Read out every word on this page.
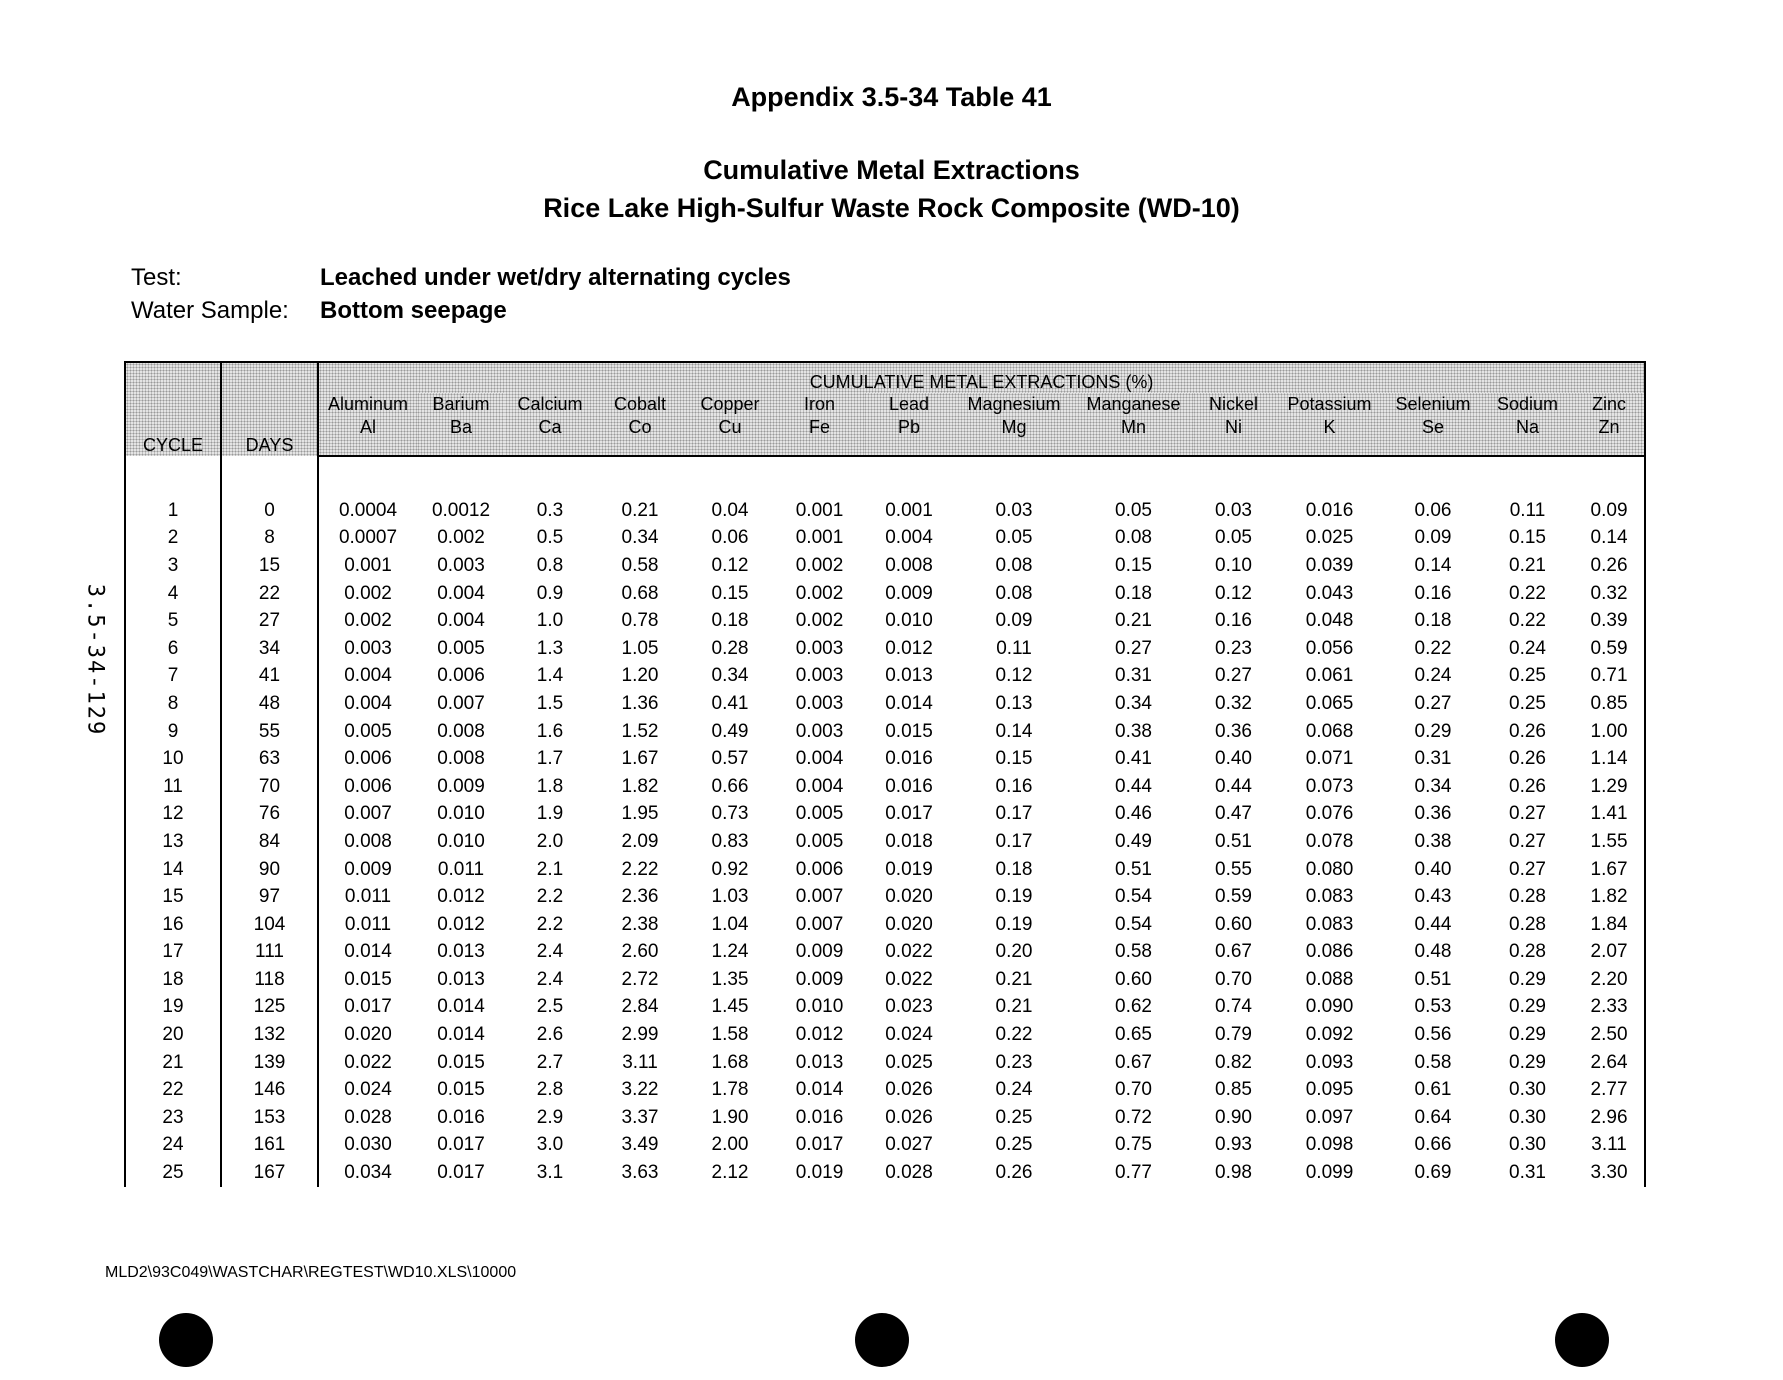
Appendix 3.5-34 Table 41
Cumulative Metal Extractions
Rice Lake High-Sulfur Waste Rock Composite (WD-10)
Test:	Leached under wet/dry alternating cycles
Water Sample: Bottom seepage
3.5-34-129
CYCLE	DAYS	CUMULATIVE METAL EXTRACTIONS (%)													
		Aluminum	Barium	Calcium	Cobalt	Copper	Iron	Lead	Magnesium	Manganese	Nickel	Potassium	Selenium	Sodium	Zinc
		Al	Ba	Ca	Co	Cu	Fe	Pb	Mg	Mn	Ni	K	Se	Na	Zn

1	0	0.0004	0.0012	0.3	0.21	0.04	0.001	0.001	0.03	0.05	0.03	0.016	0.06	0.11	0.09
2	8	0.0007	0.002	0.5	0.34	0.06	0.001	0.004	0.05	0.08	0.05	0.025	0.09	0.15	0.14
3	15	0.001	0.003	0.8	0.58	0.12	0.002	0.008	0.08	0.15	0.10	0.039	0.14	0.21	0.26
4	22	0.002	0.004	0.9	0.68	0.15	0.002	0.009	0.08	0.18	0.12	0.043	0.16	0.22	0.32
5	27	0.002	0.004	1.0	0.78	0.18	0.002	0.010	0.09	0.21	0.16	0.048	0.18	0.22	0.39
6	34	0.003	0.005	1.3	1.05	0.28	0.003	0.012	0.11	0.27	0.23	0.056	0.22	0.24	0.59
7	41	0.004	0.006	1.4	1.20	0.34	0.003	0.013	0.12	0.31	0.27	0.061	0.24	0.25	0.71
8	48	0.004	0.007	1.5	1.36	0.41	0.003	0.014	0.13	0.34	0.32	0.065	0.27	0.25	0.85
9	55	0.005	0.008	1.6	1.52	0.49	0.003	0.015	0.14	0.38	0.36	0.068	0.29	0.26	1.00
10	63	0.006	0.008	1.7	1.67	0.57	0.004	0.016	0.15	0.41	0.40	0.071	0.31	0.26	1.14
11	70	0.006	0.009	1.8	1.82	0.66	0.004	0.016	0.16	0.44	0.44	0.073	0.34	0.26	1.29
12	76	0.007	0.010	1.9	1.95	0.73	0.005	0.017	0.17	0.46	0.47	0.076	0.36	0.27	1.41
13	84	0.008	0.010	2.0	2.09	0.83	0.005	0.018	0.17	0.49	0.51	0.078	0.38	0.27	1.55
14	90	0.009	0.011	2.1	2.22	0.92	0.006	0.019	0.18	0.51	0.55	0.080	0.40	0.27	1.67
15	97	0.011	0.012	2.2	2.36	1.03	0.007	0.020	0.19	0.54	0.59	0.083	0.43	0.28	1.82
16	104	0.011	0.012	2.2	2.38	1.04	0.007	0.020	0.19	0.54	0.60	0.083	0.44	0.28	1.84
17	111	0.014	0.013	2.4	2.60	1.24	0.009	0.022	0.20	0.58	0.67	0.086	0.48	0.28	2.07
18	118	0.015	0.013	2.4	2.72	1.35	0.009	0.022	0.21	0.60	0.70	0.088	0.51	0.29	2.20
19	125	0.017	0.014	2.5	2.84	1.45	0.010	0.023	0.21	0.62	0.74	0.090	0.53	0.29	2.33
20	132	0.020	0.014	2.6	2.99	1.58	0.012	0.024	0.22	0.65	0.79	0.092	0.56	0.29	2.50
21	139	0.022	0.015	2.7	3.11	1.68	0.013	0.025	0.23	0.67	0.82	0.093	0.58	0.29	2.64
22	146	0.024	0.015	2.8	3.22	1.78	0.014	0.026	0.24	0.70	0.85	0.095	0.61	0.30	2.77
23	153	0.028	0.016	2.9	3.37	1.90	0.016	0.026	0.25	0.72	0.90	0.097	0.64	0.30	2.96
24	161	0.030	0.017	3.0	3.49	2.00	0.017	0.027	0.25	0.75	0.93	0.098	0.66	0.30	3.11
25	167	0.034	0.017	3.1	3.63	2.12	0.019	0.028	0.26	0.77	0.98	0.099	0.69	0.31	3.30
MLD2\93C049\WASTCHAR\REGTEST\WD10.XLS\10000
